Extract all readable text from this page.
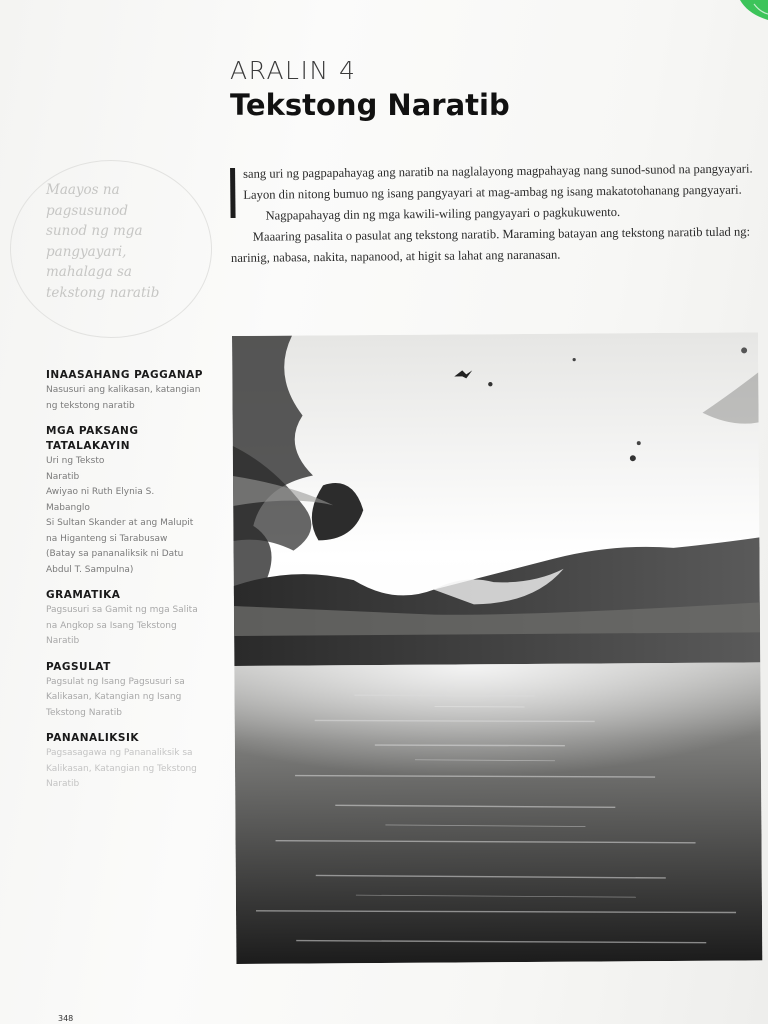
ARALIN 4
Tekstong Naratib
Maayos na
pagsusunod
sunod ng mga
pangyayari,
mahalaga sa
tekstong naratib

sang uri ng pagpapahayag ang naratib na naglalayong magpahayag nang sunod-sunod na pangyayari. Layon din nitong bumuo ng isang pangyayari at mag-ambag ng isang makatotohanang pangyayari.

Nagpapahayag din ng mga kawili-wiling pangyayari o pagkukuwento.

Maaaring pasalita o pasulat ang tekstong naratib. Maraming batayan ang tekstong naratib tulad ng: narinig, nabasa, nakita, napanood, at higit sa lahat ang naranasan.

INAASAHANG PAGGANAP
Nasusuri ang kalikasan, katangian
ng tekstong naratib
MGA PAKSANG TATALAKAYIN
Uri ng Teksto
Naratib
Awiyao ni Ruth Elynia S.
Mabanglo
Si Sultan Skander at ang Malupit
na Higanteng si Tarabusaw
(Batay sa pananaliksik ni Datu
Abdul T. Sampulna)
GRAMATIKA
Pagsusuri sa Gamit ng mga Salita
na Angkop sa Isang Tekstong
Naratib
PAGSULAT
Pagsulat ng Isang Pagsusuri sa
Kalikasan, Katangian ng Isang
Tekstong Naratib
PANANALIKSIK
Pagsasagawa ng Pananaliksik sa
Kalikasan, Katangian ng Tekstong
Naratib
348
